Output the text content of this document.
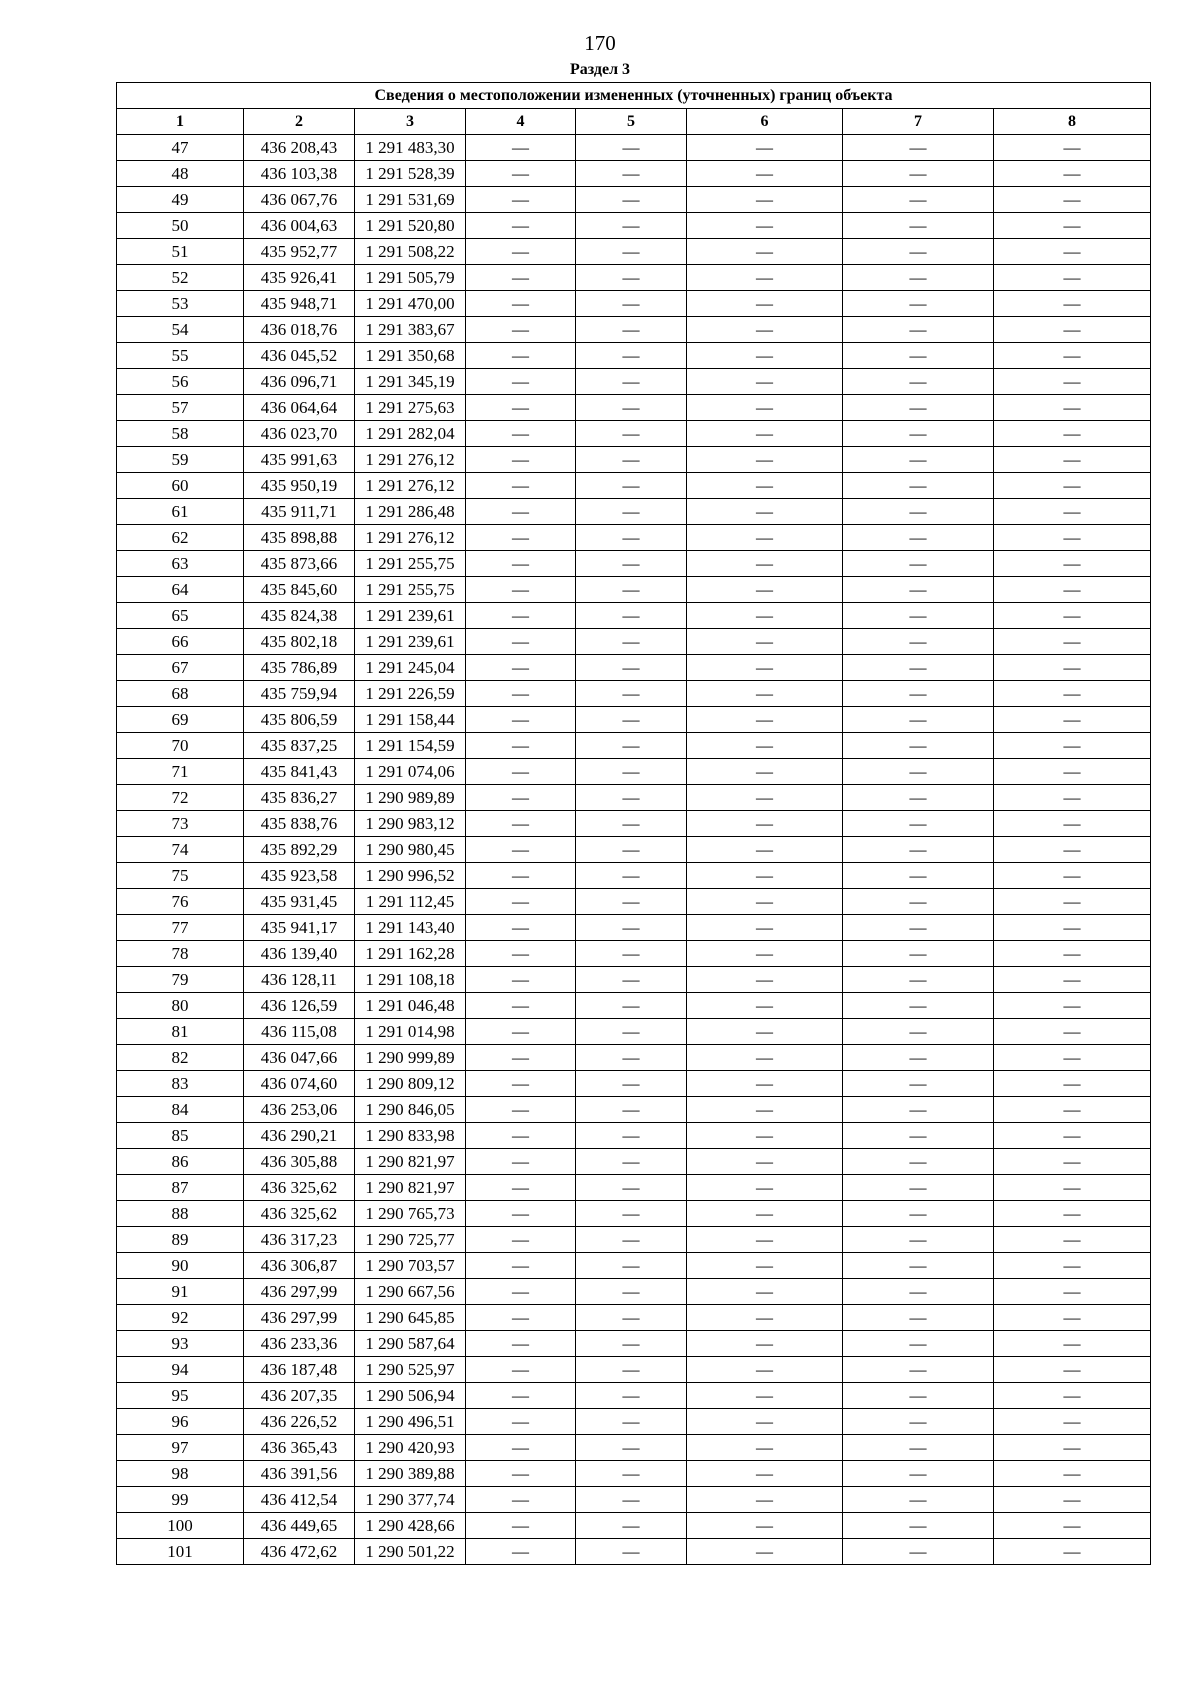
170
Раздел 3
Сведения о местоположении измененных (уточненных) границ объекта							
1	2	3	4	5	6	7	8
47	436 208,43	1 291 483,30	—	—	—	—	—
48	436 103,38	1 291 528,39	—	—	—	—	—
49	436 067,76	1 291 531,69	—	—	—	—	—
50	436 004,63	1 291 520,80	—	—	—	—	—
51	435 952,77	1 291 508,22	—	—	—	—	—
52	435 926,41	1 291 505,79	—	—	—	—	—
53	435 948,71	1 291 470,00	—	—	—	—	—
54	436 018,76	1 291 383,67	—	—	—	—	—
55	436 045,52	1 291 350,68	—	—	—	—	—
56	436 096,71	1 291 345,19	—	—	—	—	—
57	436 064,64	1 291 275,63	—	—	—	—	—
58	436 023,70	1 291 282,04	—	—	—	—	—
59	435 991,63	1 291 276,12	—	—	—	—	—
60	435 950,19	1 291 276,12	—	—	—	—	—
61	435 911,71	1 291 286,48	—	—	—	—	—
62	435 898,88	1 291 276,12	—	—	—	—	—
63	435 873,66	1 291 255,75	—	—	—	—	—
64	435 845,60	1 291 255,75	—	—	—	—	—
65	435 824,38	1 291 239,61	—	—	—	—	—
66	435 802,18	1 291 239,61	—	—	—	—	—
67	435 786,89	1 291 245,04	—	—	—	—	—
68	435 759,94	1 291 226,59	—	—	—	—	—
69	435 806,59	1 291 158,44	—	—	—	—	—
70	435 837,25	1 291 154,59	—	—	—	—	—
71	435 841,43	1 291 074,06	—	—	—	—	—
72	435 836,27	1 290 989,89	—	—	—	—	—
73	435 838,76	1 290 983,12	—	—	—	—	—
74	435 892,29	1 290 980,45	—	—	—	—	—
75	435 923,58	1 290 996,52	—	—	—	—	—
76	435 931,45	1 291 112,45	—	—	—	—	—
77	435 941,17	1 291 143,40	—	—	—	—	—
78	436 139,40	1 291 162,28	—	—	—	—	—
79	436 128,11	1 291 108,18	—	—	—	—	—
80	436 126,59	1 291 046,48	—	—	—	—	—
81	436 115,08	1 291 014,98	—	—	—	—	—
82	436 047,66	1 290 999,89	—	—	—	—	—
83	436 074,60	1 290 809,12	—	—	—	—	—
84	436 253,06	1 290 846,05	—	—	—	—	—
85	436 290,21	1 290 833,98	—	—	—	—	—
86	436 305,88	1 290 821,97	—	—	—	—	—
87	436 325,62	1 290 821,97	—	—	—	—	—
88	436 325,62	1 290 765,73	—	—	—	—	—
89	436 317,23	1 290 725,77	—	—	—	—	—
90	436 306,87	1 290 703,57	—	—	—	—	—
91	436 297,99	1 290 667,56	—	—	—	—	—
92	436 297,99	1 290 645,85	—	—	—	—	—
93	436 233,36	1 290 587,64	—	—	—	—	—
94	436 187,48	1 290 525,97	—	—	—	—	—
95	436 207,35	1 290 506,94	—	—	—	—	—
96	436 226,52	1 290 496,51	—	—	—	—	—
97	436 365,43	1 290 420,93	—	—	—	—	—
98	436 391,56	1 290 389,88	—	—	—	—	—
99	436 412,54	1 290 377,74	—	—	—	—	—
100	436 449,65	1 290 428,66	—	—	—	—	—
101	436 472,62	1 290 501,22	—	—	—	—	—
